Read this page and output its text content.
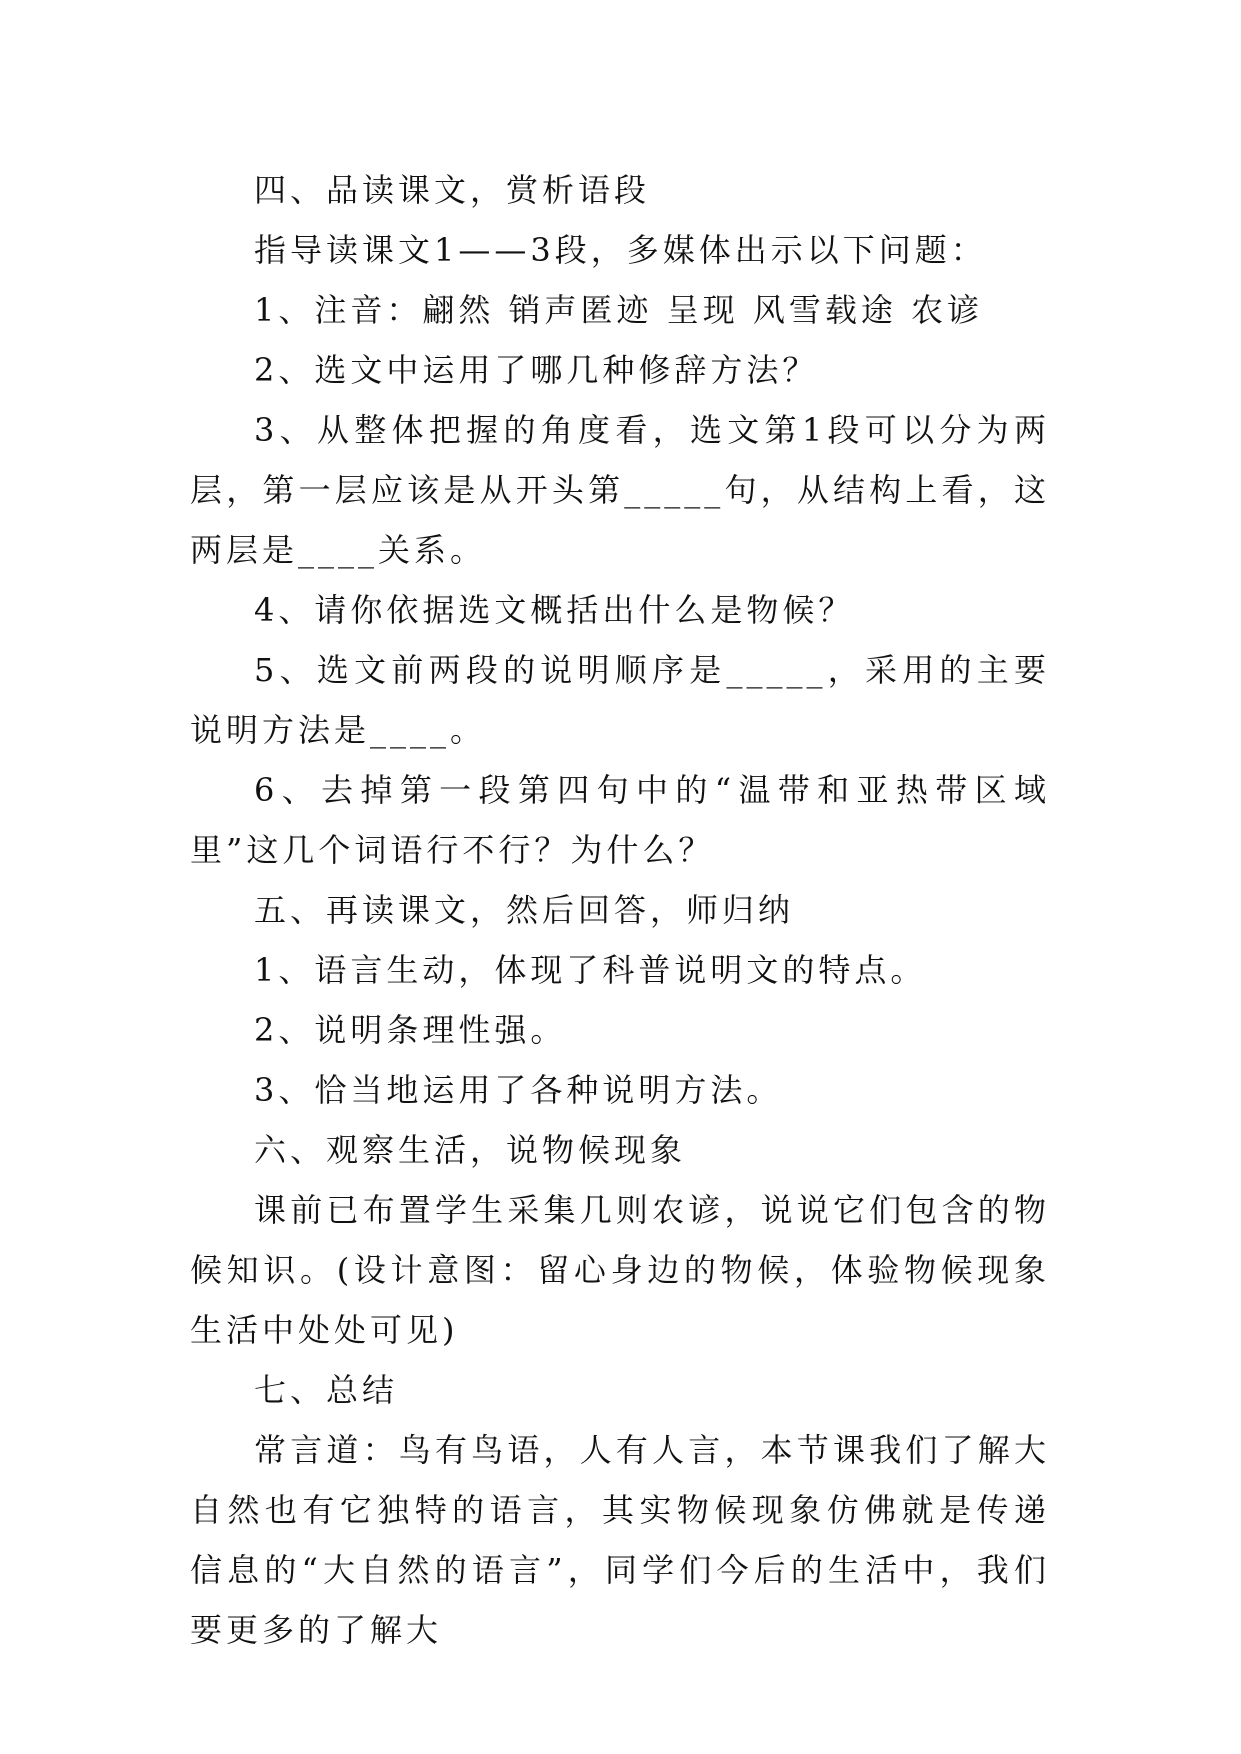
四、品读课文，赏析语段

指导读课文1——3段，多媒体出示以下问题：

1、注音：翩然 销声匿迹 呈现 风雪载途 农谚

2、选文中运用了哪几种修辞方法？

3、从整体把握的角度看，选文第1段可以分为两层，第一层应该是从开头第_____句，从结构上看，这两层是____关系。

4、请你依据选文概括出什么是物候？

5、选文前两段的说明顺序是_____，采用的主要说明方法是____。

6、去掉第一段第四句中的“温带和亚热带区域里”这几个词语行不行？为什么？

五、再读课文，然后回答，师归纳

1、语言生动，体现了科普说明文的特点。

2、说明条理性强。

3、恰当地运用了各种说明方法。

六、观察生活，说物候现象

课前已布置学生采集几则农谚，说说它们包含的物候知识。(设计意图：留心身边的物候，体验物候现象生活中处处可见)

七、总结

常言道：鸟有鸟语，人有人言，本节课我们了解大自然也有它独特的语言，其实物候现象仿佛就是传递信息的“大自然的语言”，同学们今后的生活中，我们要更多的了解大
